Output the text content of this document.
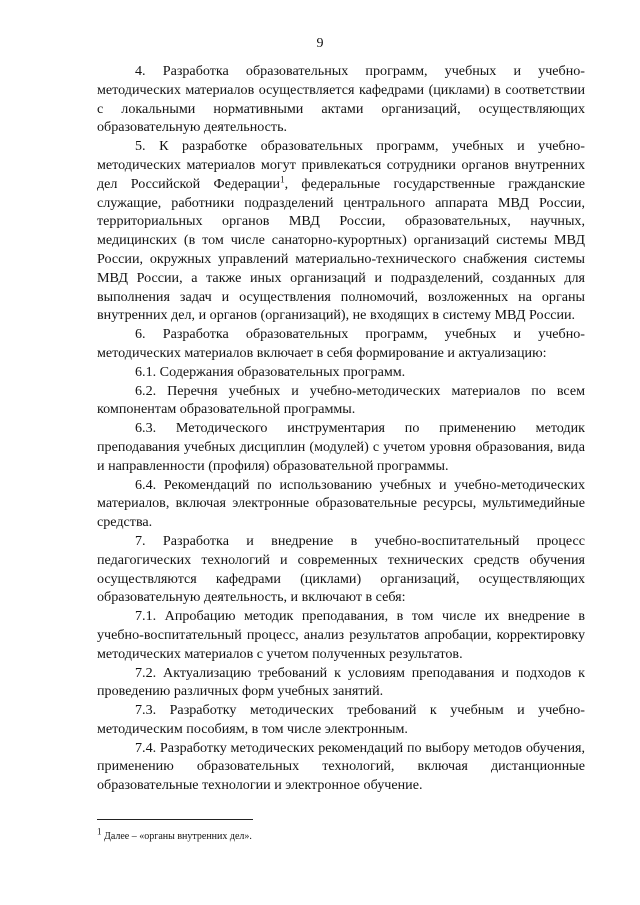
9

4. Разработка образовательных программ, учебных и учебно-методических материалов осуществляется кафедрами (циклами) в соответствии с локальными нормативными актами организаций, осуществляющих образовательную деятельность.

5. К разработке образовательных программ, учебных и учебно-методических материалов могут привлекаться сотрудники органов внутренних дел Российской Федерации$^1$, федеральные государственные гражданские служащие, работники подразделений центрального аппарата МВД России, территориальных органов МВД России, образовательных, научных, медицинских (в том числе санаторно-курортных) организаций системы МВД России, окружных управлений материально-технического снабжения системы МВД России, а также иных организаций и подразделений, созданных для выполнения задач и осуществления полномочий, возложенных на органы внутренних дел, и органов (организаций), не входящих в систему МВД России.

6. Разработка образовательных программ, учебных и учебно-методических материалов включает в себя формирование и актуализацию:

6.1. Содержания образовательных программ.

6.2. Перечня учебных и учебно-методических материалов по всем компонентам образовательной программы.

6.3. Методического инструментария по применению методик преподавания учебных дисциплин (модулей) с учетом уровня образования, вида и направленности (профиля) образовательной программы.

6.4. Рекомендаций по использованию учебных и учебно-методических материалов, включая электронные образовательные ресурсы, мультимедийные средства.

7. Разработка и внедрение в учебно-воспитательный процесс педагогических технологий и современных технических средств обучения осуществляются кафедрами (циклами) организаций, осуществляющих образовательную деятельность, и включают в себя:

7.1. Апробацию методик преподавания, в том числе их внедрение в учебно-воспитательный процесс, анализ результатов апробации, корректировку методических материалов с учетом полученных результатов.

7.2. Актуализацию требований к условиям преподавания и подходов к проведению различных форм учебных занятий.

7.3. Разработку методических требований к учебным и учебно-методическим пособиям, в том числе электронным.

7.4. Разработку методических рекомендаций по выбору методов обучения, применению образовательных технологий, включая дистанционные образовательные технологии и электронное обучение.

$^1$ Далее – «органы внутренних дел».
